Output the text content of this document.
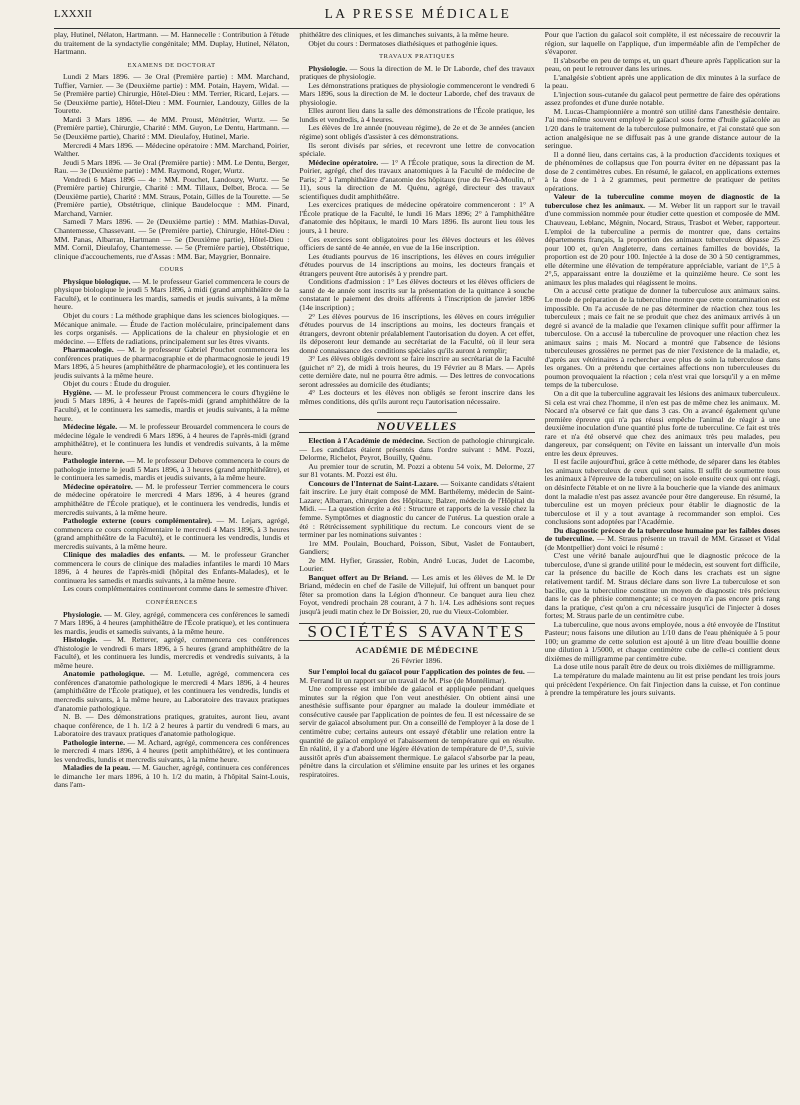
LXXXII	LA PRESSE MÉDICALE

play, Hutinel, Nélaton, Hartmann. — M. Hannecelle : Contribution à l'étude du traitement de la syndactylie congénitale; MM. Duplay, Hutinel, Nélaton, Hartmann.

EXAMENS DE DOCTORAT

Lundi 2 Mars 1896. — 3e Oral (Première partie) : MM. Marchand, Tuffier, Varnier. — 3e (Deuxième partie) : MM. Potain, Hayem, Widal. — 5e (Première partie) Chirurgie, Hôtel-Dieu : MM. Terrier, Ricard, Lejars. — 5e (Deuxième partie), Hôtel-Dieu : MM. Fournier, Landouzy, Gilles de la Tourette.

Mardi 3 Mars 1896. — 4e MM. Proust, Ménétrier, Wurtz. — 5e (Première partie), Chirurgie, Charité : MM. Guyon, Le Dentu, Hartmann. — 5e (Deuxième partie), Charité : MM. Dieulafoy, Hutinel, Marie.

Mercredi 4 Mars 1896. — Médecine opératoire : MM. Marchand, Poirier, Walther.

Jeudi 5 Mars 1896. — 3e Oral (Première partie) : MM. Le Dentu, Berger, Rau. — 3e (Deuxième partie) : MM. Raymond, Roger, Wurtz.

Vendredi 6 Mars 1896 — 4e : MM. Pouchet, Landouzy, Wurtz. — 5e (Première partie) Chirurgie, Charité : MM. Tillaux, Delbet, Broca. — 5e (Deuxième partie), Charité : MM. Straus, Potain, Gilles de la Tourette. — 5e (Première partie), Obstétrique, clinique Baudelocque : MM. Pinard, Marchand, Varnier.

Samedi 7 Mars 1896. — 2e (Deuxième partie) : MM. Mathias-Duval, Chantemesse, Chassevant. — 5e (Première partie), Chirurgie, Hôtel-Dieu : MM. Panas, Albarran, Hartmann — 5e (Deuxième partie), Hôtel-Dieu : MM. Cornil, Dieulafoy, Chantemesse. — 5e (Première partie), Obstétrique, clinique d'accouchements, rue d'Assas : MM. Bar, Maygrier, Bonnaire.

COURS

Physique biologique. — M. le professeur Gariel commencera le cours de physique biologique le jeudi 5 Mars 1896, à midi (grand amphithéâtre de la Faculté), et le continuera les mardis, samedis et jeudis suivants, à la même heure.

Objet du cours : La méthode graphique dans les sciences biologiques. — Mécanique animale. — Étude de l'action moléculaire, principalement dans les corps organisés. — Applications de la chaleur en physiologie et en médecine. — Effets de radiations, principalement sur les êtres vivants.

Pharmacologie. — M. le professeur Gabriel Pouchet commencera les conférences pratiques de pharmacographie et de pharmacognosie le jeudi 19 Mars 1896, à 5 heures (amphithéâtre de pharmacologie), et les continuera les jeudis suivants à la même heure.

Objet du cours : Étude du droguier.

Hygiène. — M. le professeur Proust commencera le cours d'hygiène le jeudi 5 Mars 1896, à 4 heures de l'après-midi (grand amphithéâtre de la Faculté), et le continuera les samedis, mardis et jeudis suivants, à la même heure.

Médecine légale. — M. le professeur Brouardel commencera le cours de médecine légale le vendredi 6 Mars 1896, à 4 heures de l'après-midi (grand amphithéâtre), et le continuera les lundis et vendredis suivants, à la même heure.

Pathologie interne. — M. le professeur Debove commencera le cours de pathologie interne le jeudi 5 Mars 1896, à 3 heures (grand amphithéâtre), et le continuera les samedis, mardis et jeudis suivants, à la même heure.

Médecine opératoire. — M. le professeur Terrier commencera le cours de médecine opératoire le mercredi 4 Mars 1896, à 4 heures (grand amphithéâtre de l'École pratique), et le continuera les vendredis, lundis et mercredis suivants, à la même heure.

Pathologie externe (cours complémentaire). — M. Lejars, agrégé, commencera ce cours complémentaire le mercredi 4 Mars 1896, à 3 heures (grand amphithéâtre de la Faculté), et le continuera les vendredis, lundis et mercredis suivants, à la même heure.

Clinique des maladies des enfants. — M. le professeur Grancher commencera le cours de clinique des maladies infantiles le mardi 10 Mars 1896, à 4 heures de l'après-midi (hôpital des Enfants-Malades), et le continuera les samedis et mardis suivants, à la même heure.

Les cours complémentaires continueront comme dans le semestre d'hiver.

CONFÉRENCES

Physiologie. — M. Gley, agrégé, commencera ces conférences le samedi 7 Mars 1896, à 4 heures (amphithéâtre de l'École pratique), et les continuera les mardis, jeudis et samedis suivants, à la même heure.

Histologie. — M. Retterer, agrégé, commencera ces conférences d'histologie le vendredi 6 mars 1896, à 5 heures (grand amphithéâtre de la Faculté), et les continuera les lundis, mercredis et vendredis suivants, à la même heure.

Anatomie pathologique. — M. Letulle, agrégé, commencera ces conférences d'anatomie pathologique le mercredi 4 Mars 1896, à 4 heures (amphithéâtre de l'École pratique), et les continuera les vendredis, lundis et mercredis suivants, à la même heure, au Laboratoire des travaux pratiques d'anatomie pathologique.

N. B. — Des démonstrations pratiques, gratuites, auront lieu, avant chaque conférence, de 1 h. 1/2 à 2 heures à partir du vendredi 6 mars, au Laboratoire des travaux pratiques d'anatomie pathologique.

Pathologie interne. — M. Achard, agrégé, commencera ces conférences le mercredi 4 mars 1896, à 4 heures (petit amphithéâtre), et les continuera les vendredis, lundis et mercredis suivants, à la même heure.

Maladies de la peau. — M. Gaucher, agrégé, continuera ces conférences le dimanche 1er mars 1896, à 10 h. 1/2 du matin, à l'hôpital Saint-Louis, dans l'am-

phithéâtre des cliniques, et les dimanches suivants, à la même heure.

Objet du cours : Dermatoses diathésiques et pathogénie iques.

TRAVAUX PRATIQUES

Physiologie. — Sous la direction de M. le Dr Laborde, chef des travaux pratiques de physiologie.

Les démonstrations pratiques de physiologie commenceront le vendredi 6 Mars 1896, sous la direction de M. le docteur Laborde, chef des travaux de physiologie.

Elles auront lieu dans la salle des démonstrations de l'École pratique, les lundis et vendredis, à 4 heures.

Les élèves de 1re année (nouveau régime), de 2e et de 3e années (ancien régime) sont obligés d'assister à ces démonstrations.

Ils seront divisés par séries, et recevront une lettre de convocation spéciale.

Médecine opératoire. — 1° A l'École pratique, sous la direction de M. Poirier, agrégé, chef des travaux anatomiques à la Faculté de médecine de Paris; 2° à l'amphithéâtre d'anatomie des hôpitaux (rue du Fer-à-Moulin, n° 11), sous la direction de M. Quénu, agrégé, directeur des travaux scientifiques dudit amphithéâtre.

Les exercices pratiques de médecine opératoire commenceront : 1° A l'École pratique de la Faculté, le lundi 16 Mars 1896; 2° à l'amphithéâtre d'anatomie des hôpitaux, le mardi 10 Mars 1896. Ils auront lieu tous les jours, à 1 heure.

Ces exercices sont obligatoires pour les élèves docteurs et les élèves officiers de santé de 4e année, en vue de la 16e inscription.

Les étudiants pourvus de 16 inscriptions, les élèves en cours irrégulier d'études pourvus de 14 inscriptions au moins, les docteurs français et étrangers peuvent être autorisés à y prendre part.

Conditions d'admission : 1° Les élèves docteurs et les élèves officiers de santé de 4e année sont inscrits sur la présentation de la quittance à souche constatant le paiement des droits afférents à l'inscription de janvier 1896 (14e inscription) ;

2° Les élèves pourvus de 16 inscriptions, les élèves en cours irrégulier d'études pourvus de 14 inscriptions au moins, les docteurs français et étrangers, devront obtenir préalablement l'autorisation du doyen. A cet effet, ils déposeront leur demande au secrétariat de la Faculté, où il leur sera donné connaissance des conditions spéciales qu'ils auront à remplir;

3° Les élèves obligés devront se faire inscrire au secrétariat de la Faculté (guichet n° 2), de midi à trois heures, du 19 Février au 8 Mars. — Après cette dernière date, nul ne pourra être admis. — Des lettres de convocations seront adressées au domicile des étudiants;

4° Les docteurs et les élèves non obligés se feront inscrire dans les mêmes conditions, dès qu'ils auront reçu l'autorisation nécessaire.

NOUVELLES

Election à l'Académie de médecine. Section de pathologie chirurgicale. — Les candidats étaient présentés dans l'ordre suivant : MM. Pozzi, Delorme, Richelot, Peyrot, Bouilly, Quénu.

Au premier tour de scrutin, M. Pozzi a obtenu 54 voix, M. Delorme, 27 sur 81 votants. M. Pozzi est élu.

Concours de l'Internat de Saint-Lazare. — Soixante candidats s'étaient fait inscrire. Le jury était composé de MM. Barthélemy, médecin de Saint-Lazare; Albarran, chirurgien des Hôpitaux; Balzer, médecin de l'Hôpital du Midi. — La question écrite a été : Structure et rapports de la vessie chez la femme. Symptômes et diagnostic du cancer de l'utérus. La question orale a été : Rétrécissement syphilitique du rectum. Le concours vient de se terminer par les nominations suivantes :

1re MM. Poulain, Bouchard, Poisson, Sibut, Vaslet de Fontaubert, Gandiers;

2e MM. Hyfier, Grassier, Robin, André Lucas, Judet de Lacombe, Lourier.

Banquet offert au Dr Briand. — Les amis et les élèves de M. le Dr Briand, médecin en chef de l'asile de Villejuif, lui offrent un banquet pour fêter sa promotion dans la Légion d'honneur. Ce banquet aura lieu chez Foyot, vendredi prochain 28 courant, à 7 h. 1/4. Les adhésions sont reçues jusqu'à jeudi matin chez le Dr Boissier, 20, rue du Vieux-Colombier.

SOCIÉTÉS SAVANTES
ACADÉMIE DE MÉDECINE
26 Février 1896.

Sur l'emploi local du gaïacol pour l'application des pointes de feu. — M. Ferrand lit un rapport sur un travail de M. Pise (de Montélimar).

Une compresse est imbibée de gaïacol et appliquée pendant quelques minutes sur la région que l'on veut anesthésier. On obtient ainsi une anesthésie suffisante pour épargner au malade la douleur immédiate et consécutive causée par l'application de pointes de feu. Il est nécessaire de se servir de gaïacol absolument pur. On a conseillé de l'employer à la dose de 1 centimètre cube; certains auteurs ont essayé d'établir une relation entre la quantité de gaïacol employé et l'abaissement de température qui en résulte. En réalité, il y a d'abord une légère élévation de température de 0°,5, suivie aussitôt après d'un abaissement thermique. Le gaïacol s'absorbe par la peau, pénètre dans la circulation et s'élimine ensuite par les urines et les organes respiratoires.

Pour que l'action du gaïacol soit complète, il est nécessaire de recouvrir la région, sur laquelle on l'applique, d'un imperméable afin de l'empêcher de s'évaporer.

Il s'absorbe en peu de temps et, un quart d'heure après l'application sur la peau, on peut le retrouver dans les urines.

L'analgésie s'obtient après une application de dix minutes à la surface de la peau.

L'injection sous-cutanée du gaïacol peut permettre de faire des opérations assez profondes et d'une durée notable.

M. Lucas-Championnière a montré son utilité dans l'anesthésie dentaire. J'ai moi-même souvent employé le gaïacol sous forme d'huile gaïacolée au 1/20 dans le traitement de la tuberculose pulmonaire, et j'ai constaté que son action analgésique ne se diffusait pas à une grande distance autour de la seringue.

Il a donné lieu, dans certains cas, à la production d'accidents toxiques et de phénomènes de collapsus que l'on pourra éviter en ne dépassant pas la dose de 2 centimètres cubes. En résumé, le gaïacol, en applications externes à la dose de 1 à 2 grammes, peut permettre de pratiquer de petites opérations.

Valeur de la tuberculine comme moyen de diagnostic de la tuberculose chez les animaux. — M. Weber lit un rapport sur le travail d'une commission nommée pour étudier cette question et composée de MM. Chauveau, Leblanc, Mégnin, Nocard, Straus, Trasbot et Weber, rapporteur. L'emploi de la tuberculine a permis de montrer que, dans certains départements français, la proportion des animaux tuberculeux dépasse 25 pour 100 et, qu'en Angleterre, dans certaines familles de bovidés, la proportion est de 20 pour 100. Injectée à la dose de 30 à 50 centigrammes, elle détermine une élévation de température appréciable, variant de 1°,5 à 2°,5, apparaissant entre la douzième et la quinzième heure. Ce sont les animaux les plus malades qui réagissent le moins.

On a accusé cette pratique de donner la tuberculose aux animaux sains. Le mode de préparation de la tuberculine montre que cette contamination est impossible. On l'a accusée de ne pas déterminer de réaction chez tous les tuberculeux ; mais ce fait ne se produit que chez des animaux arrivés à un degré si avancé de la maladie que l'examen clinique suffit pour affirmer la tuberculose. On a accusé la tuberculine de provoquer une réaction chez les animaux sains ; mais M. Nocard a montré que l'absence de lésions tuberculeuses grossières ne permet pas de nier l'existence de la maladie, et, d'après aux vétérinaires à rechercher avec plus de soin la tuberculose dans les organes. On a prétendu que certaines affections non tuberculeuses du poumon provoquaient la réaction ; cela n'est vrai que lorsqu'il y a en même temps de la tuberculose.

On a dit que la tuberculine aggravait les lésions des animaux tuberculeux. Si cela est vrai chez l'homme, il n'en est pas de même chez les animaux. M. Nocard n'a observé ce fait que dans 3 cas. On a avancé également qu'une première épreuve qui n'a pas réussi empêche l'animal de réagir à une deuxième inoculation d'une quantité plus forte de tuberculine. Ce fait est très rare et n'a été observé que chez des animaux très peu malades, peu dangereux, par conséquent; on l'évite en laissant un intervalle d'un mois entre les deux épreuves.

Il est facile aujourd'hui, grâce à cette méthode, de séparer dans les étables les animaux tuberculeux de ceux qui sont sains. Il suffit de soumettre tous les animaux à l'épreuve de la tuberculine; on isole ensuite ceux qui ont réagi, on désinfecte l'étable et on ne livre à la boucherie que la viande des animaux dont la maladie n'est pas assez avancée pour être dangereuse. En résumé, la tuberculine est un moyen précieux pour établir le diagnostic de la tuberculose et il y a tout avantage à recommander son emploi. Ces conclusions sont adoptées par l'Académie.

Du diagnostic précoce de la tuberculose humaine par les faibles doses de tuberculine. — M. Straus présente un travail de MM. Grasset et Vidal (de Montpellier) dont voici le résumé :

C'est une vérité banale aujourd'hui que le diagnostic précoce de la tuberculose, d'une si grande utilité pour le médecin, est souvent fort difficile, car la présence du bacille de Koch dans les crachats est un signe relativement tardif. M. Straus déclare dans son livre La tuberculose et son bacille, que la tuberculine constitue un moyen de diagnostic très précieux dans le cas de phtisie commençante; si ce moyen n'a pas encore pris rang dans la pratique, c'est qu'on a cru nécessaire jusqu'ici de l'injecter à doses fortes; M. Straus parle de un centimètre cube.

La tuberculine, que nous avons employée, nous a été envoyée de l'Institut Pasteur; nous faisons une dilution au 1/10 dans de l'eau phéniquée à 5 pour 100; un gramme de cette solution est ajouté à un litre d'eau bouillie donne une dilution à 1/5000, et chaque centimètre cube de celle-ci contient deux dixièmes de milligramme par centimètre cube.

La dose utile nous paraît être de deux ou trois dixièmes de milligramme.

La température du malade maintenu au lit est prise pendant les trois jours qui précèdent l'expérience. On fait l'injection dans la cuisse, et l'on continue à prendre la température les jours suivants.
